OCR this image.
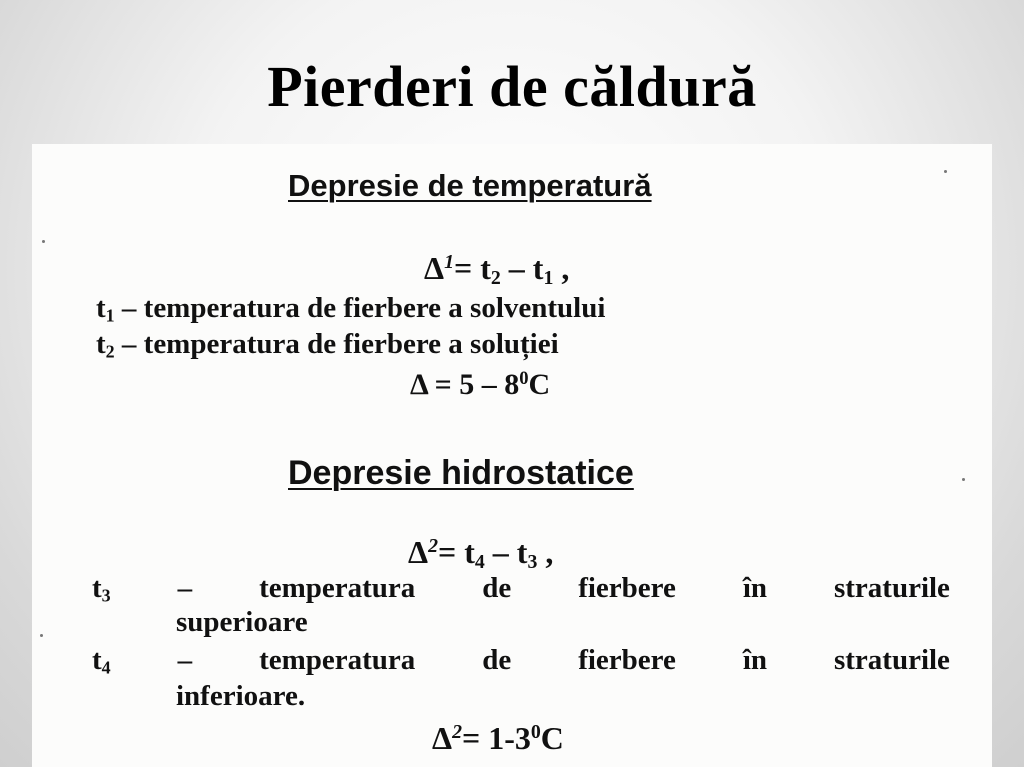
Pierderi de căldură
Depresie de temperatură
$\Delta^1= t_2 - t_1$ ,
$t_1$ – temperatura de fierbere a solventului
$t_2$ – temperatura de fierbere a soluției
$\Delta = 5 - 8^0C$
Depresie hidrostatice
$\Delta^2= t_4 - t_3$ ,
$t_3$ – temperatura de fierbere în straturile
superioare
$t_4$ – temperatura de fierbere în straturile
inferioare.
$\Delta^2= 1-3^0C$
